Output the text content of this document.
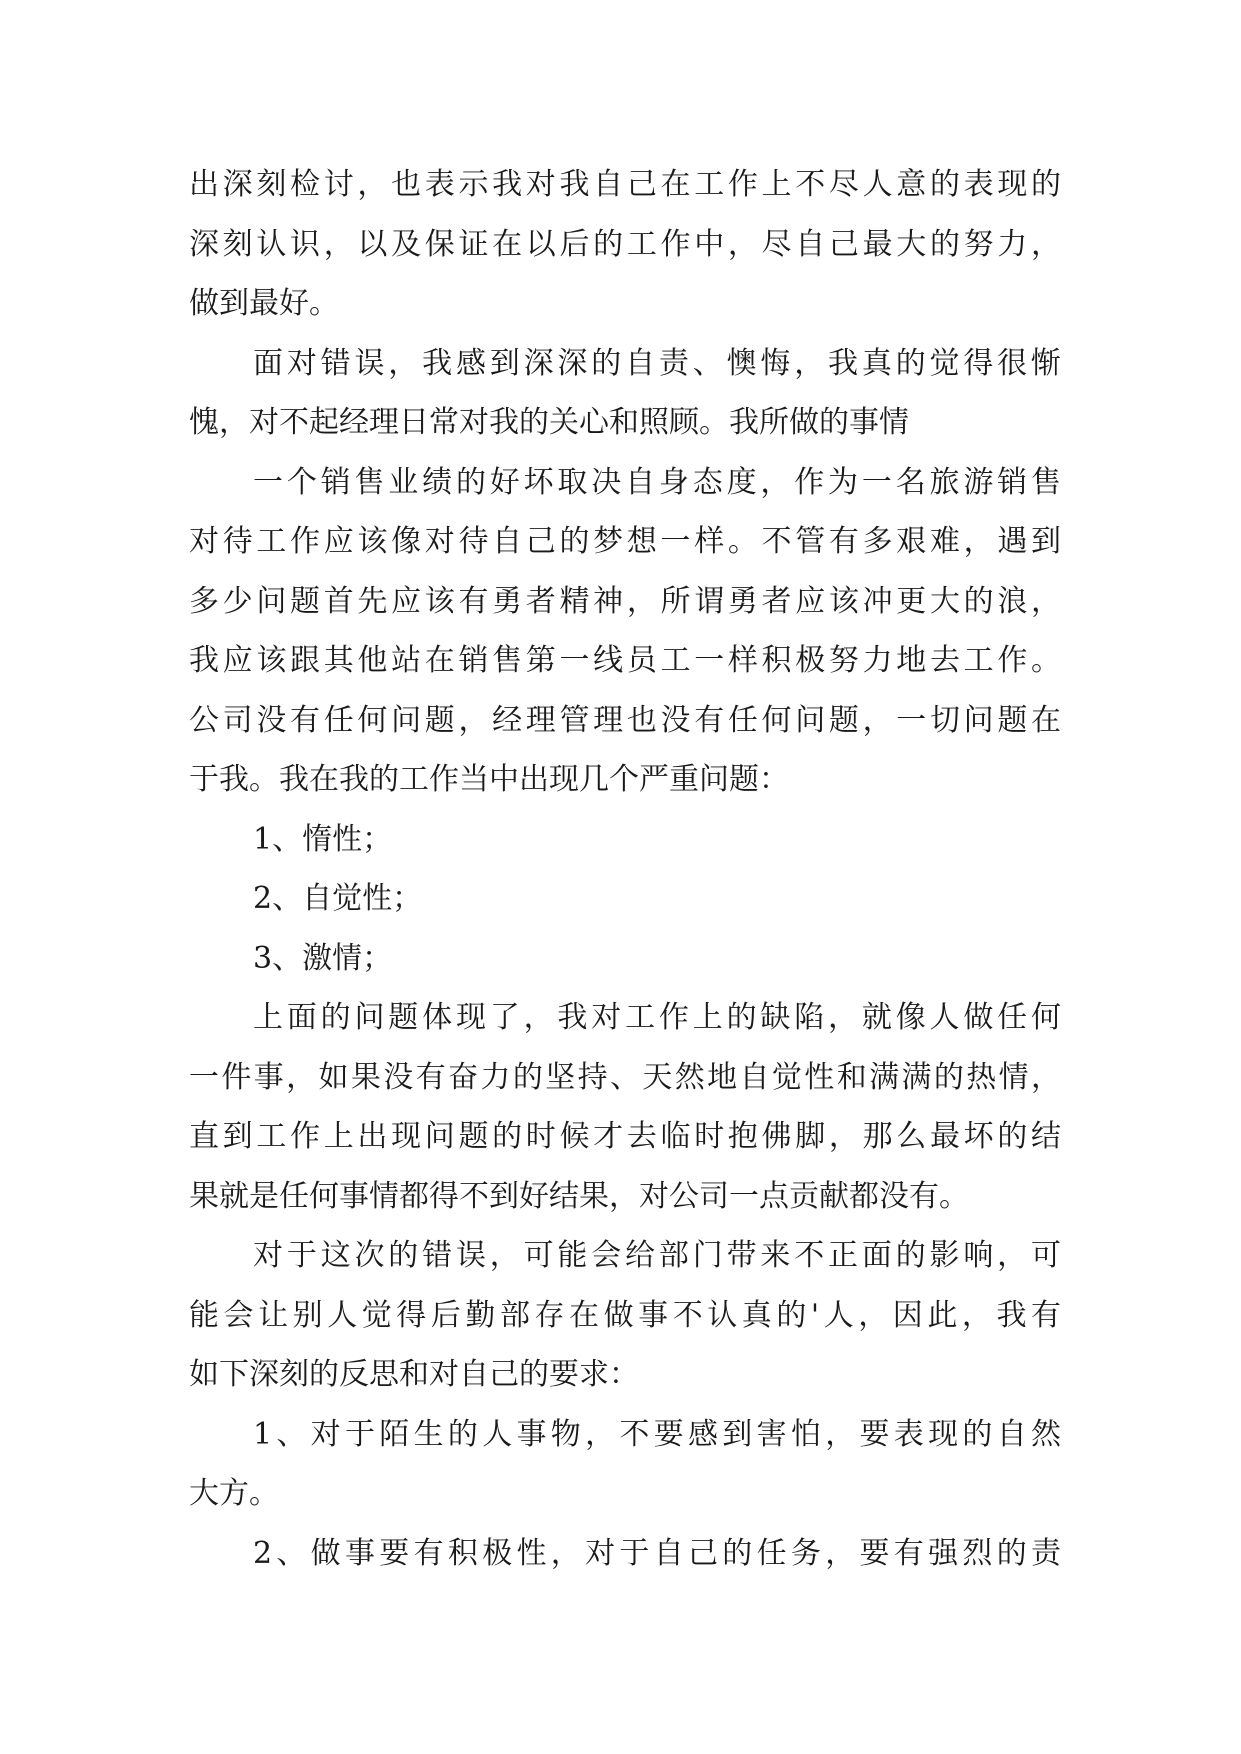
出深刻检讨，也表示我对我自己在工作上不尽人意的表现的
深刻认识，以及保证在以后的工作中，尽自己最大的努力，
做到最好。
面对错误，我感到深深的自责、懊悔，我真的觉得很惭
愧，对不起经理日常对我的关心和照顾。我所做的事情
一个销售业绩的好坏取决自身态度，作为一名旅游销售
对待工作应该像对待自己的梦想一样。不管有多艰难，遇到
多少问题首先应该有勇者精神，所谓勇者应该冲更大的浪，
我应该跟其他站在销售第一线员工一样积极努力地去工作。
公司没有任何问题，经理管理也没有任何问题，一切问题在
于我。我在我的工作当中出现几个严重问题：
1、惰性；
2、自觉性；
3、激情；
上面的问题体现了，我对工作上的缺陷，就像人做任何
一件事，如果没有奋力的坚持、天然地自觉性和满满的热情，
直到工作上出现问题的时候才去临时抱佛脚，那么最坏的结
果就是任何事情都得不到好结果，对公司一点贡献都没有。
对于这次的错误，可能会给部门带来不正面的影响，可
能会让别人觉得后勤部存在做事不认真的'人，因此，我有
如下深刻的反思和对自己的要求：
1、对于陌生的人事物，不要感到害怕，要表现的自然
大方。
2、做事要有积极性，对于自己的任务，要有强烈的责
